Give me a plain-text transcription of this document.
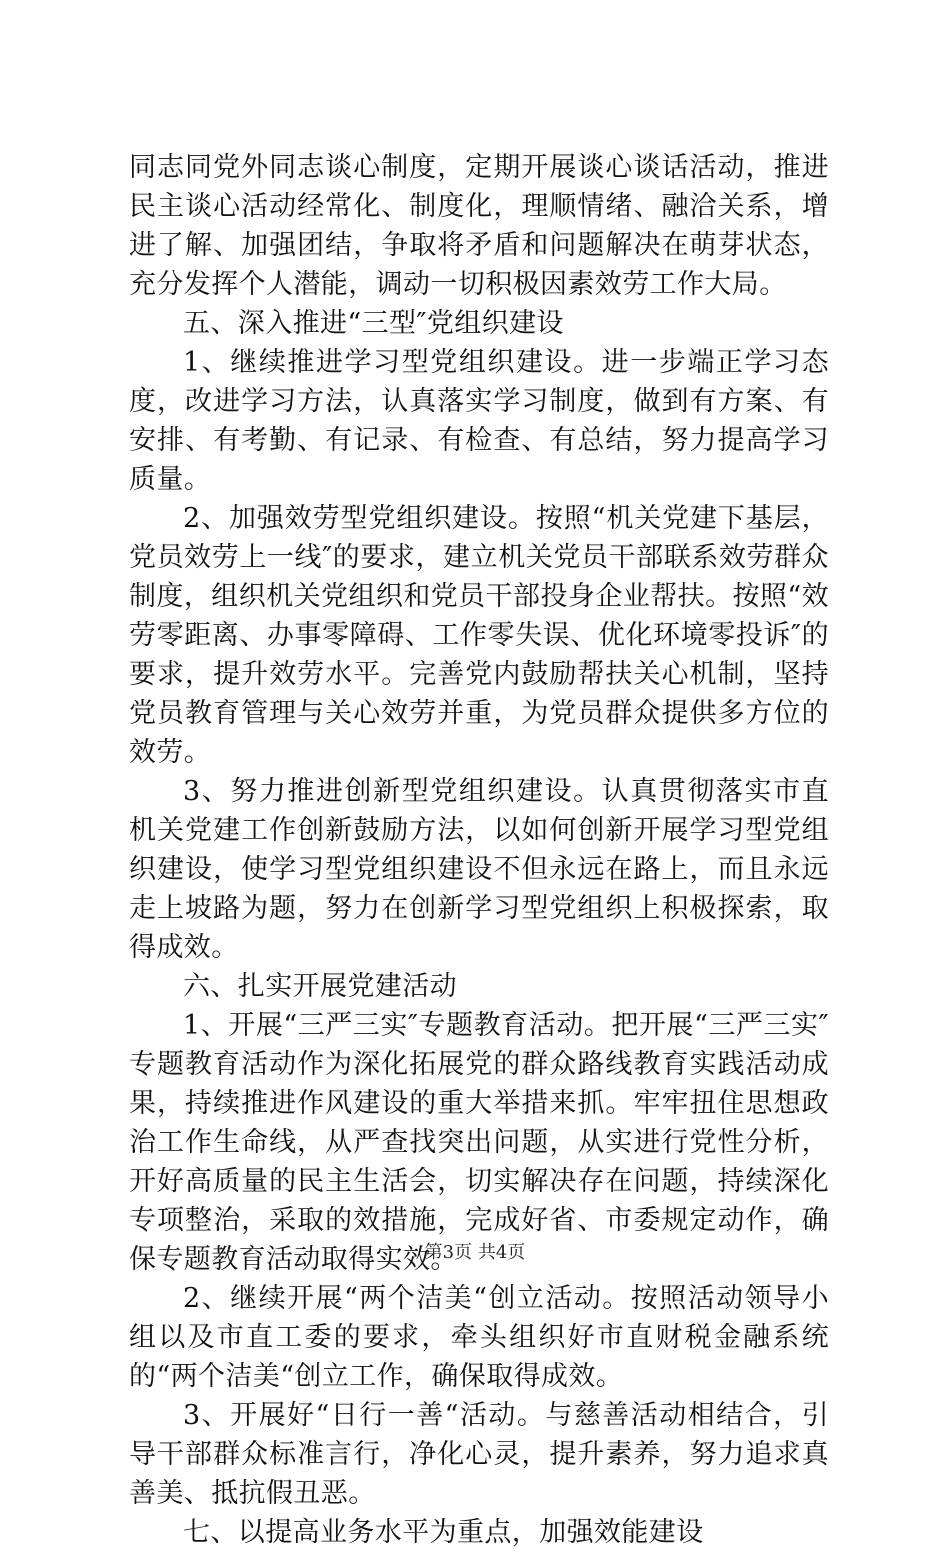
同志同党外同志谈心制度，定期开展谈心谈话活动，推进民主谈心活动经常化、制度化，理顺情绪、融洽关系，增进了解、加强团结，争取将矛盾和问题解决在萌芽状态，充分发挥个人潜能，调动一切积极因素效劳工作大局。

五、深入推进“三型″党组织建设

1、继续推进学习型党组织建设。进一步端正学习态度，改进学习方法，认真落实学习制度，做到有方案、有安排、有考勤、有记录、有检查、有总结，努力提高学习质量。

2、加强效劳型党组织建设。按照“机关党建下基层，党员效劳上一线″的要求，建立机关党员干部联系效劳群众制度，组织机关党组织和党员干部投身企业帮扶。按照“效劳零距离、办事零障碍、工作零失误、优化环境零投诉″的要求，提升效劳水平。完善党内鼓励帮扶关心机制，坚持党员教育管理与关心效劳并重，为党员群众提供多方位的效劳。

3、努力推进创新型党组织建设。认真贯彻落实市直机关党建工作创新鼓励方法，以如何创新开展学习型党组织建设，使学习型党组织建设不但永远在路上，而且永远走上坡路为题，努力在创新学习型党组织上积极探索，取得成效。

六、扎实开展党建活动

1、开展“三严三实″专题教育活动。把开展“三严三实″专题教育活动作为深化拓展党的群众路线教育实践活动成果，持续推进作风建设的重大举措来抓。牢牢扭住思想政治工作生命线，从严查找突出问题，从实进行党性分析，开好高质量的民主生活会，切实解决存在问题，持续深化专项整治，采取的效措施，完成好省、市委规定动作，确保专题教育活动取得实效。

2、继续开展“两个洁美“创立活动。按照活动领导小组以及市直工委的要求，牵头组织好市直财税金融系统的“两个洁美“创立工作，确保取得成效。

3、开展好“日行一善“活动。与慈善活动相结合，引导干部群众标准言行，净化心灵，提升素养，努力追求真善美、抵抗假丑恶。

七、以提高业务水平为重点，加强效能建设

第3页 共4页
